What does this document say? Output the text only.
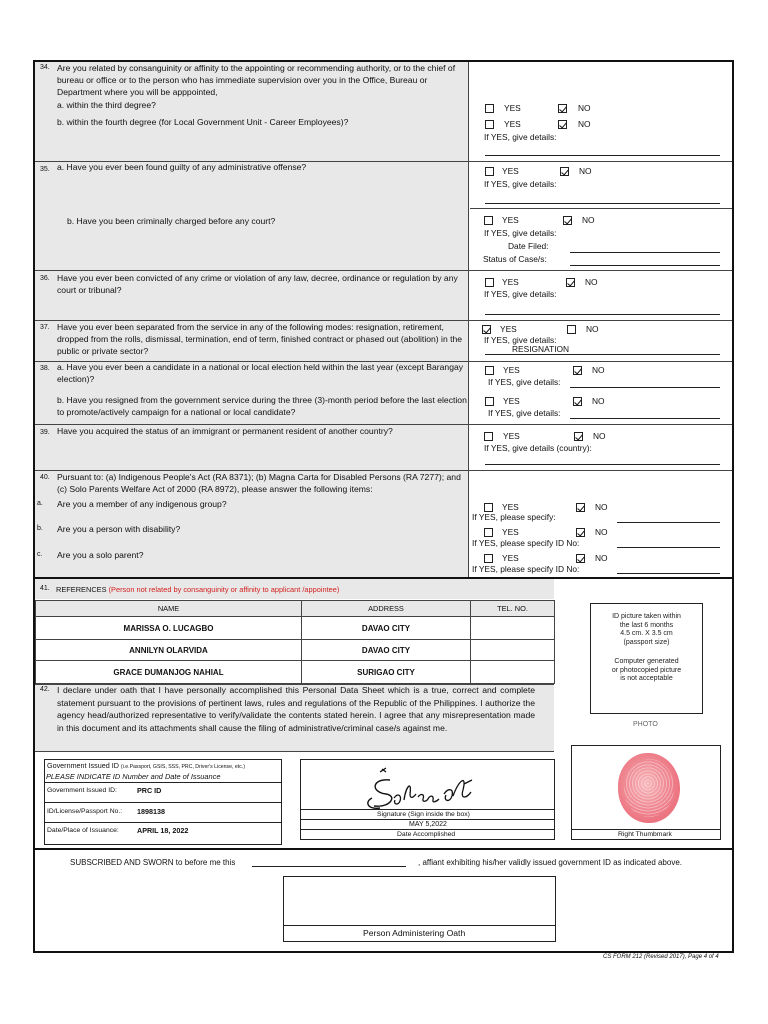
34. Are you related by consanguinity or affinity to the appointing or recommending authority, or to the chief of bureau or office or to the person who has immediate supervision over you in the Office, Bureau or Department where you will be apppointed,
a. within the third degree?
b. within the fourth degree (for Local Government Unit - Career Employees)?
YES	NO
YES	NO
If YES, give details:
35. a. Have you ever been found guilty of any administrative offense?
b. Have you been criminally charged before any court?
YES	NO
If YES, give details:
YES	NO
If YES, give details:
Date Filed:
Status of Case/s:
36. Have you ever been convicted of any crime or violation of any law, decree, ordinance or regulation by any court or tribunal?
YES	NO
If YES, give details:
37. Have you ever been separated from the service in any of the following modes: resignation, retirement, dropped from the rolls, dismissal, termination, end of term, finished contract or phased out (abolition) in the public or private sector?
YES	NO
If YES, give details:
RESIGNATION
38. a. Have you ever been a candidate in a national or local election held within the last year (except Barangay election)?
b. Have you resigned from the government service during the three (3)-month period before the last election to promote/actively campaign for a national or local candidate?
YES	NO
If YES, give details:
YES	NO
If YES, give details:
39. Have you acquired the status of an immigrant or permanent resident of another country?	YES	NO
If YES, give details (country):
40. Pursuant to: (a) Indigenous People's Act (RA 8371); (b) Magna Carta for Disabled Persons (RA 7277); and (c) Solo Parents Welfare Act of 2000 (RA 8972), please answer the following items:
a. Are you a member of any indigenous group?
b. Are you a person with disability?
c. Are you a solo parent?
YES	NO
If YES, please specify:
YES	NO
If YES, please specify ID No:
YES	NO
If YES, please specify ID No:
41. REFERENCES (Person not related by consanguinity or affinity to applicant /appointee)
NAME	ADDRESS	TEL. NO.
MARISSA O. LUCAGBO	DAVAO CITY
ANNILYN OLARVIDA	DAVAO CITY
GRACE DUMANJOG NAHIAL	SURIGAO CITY
ID picture taken within
the last 6 months
4.5 cm. X 3.5 cm
(passport size)
Computer generated
or photocopied picture
is not acceptable
PHOTO
42. I declare under oath that I have personally accomplished this Personal Data Sheet which is a true, correct and complete statement pursuant to the provisions of pertinent laws, rules and regulations of the Republic of the Philippines. I authorize the agency head/authorized representative to verify/validate the contents stated herein. I agree that any misrepresentation made in this document and its attachments shall cause the filing of administrative/criminal case/s against me.
Government Issued ID (i.e.Passport, GSIS, SSS, PRC, Driver's License, etc.)
PLEASE INDICATE ID Number and Date of Issuance
Government Issued ID:	PRC ID
ID/License/Passport No.: 1898138
Date/Place of Issuance:	APRIL 18, 2022
Signature (Sign inside the box)
MAY 5,2022
Date Accomplished	Right Thumbmark
SUBSCRIBED AND SWORN to before me this	, affiant exhibiting his/her validly issued government ID as indicated above.
Person Administering Oath
CS FORM 212 (Revised 2017), Page 4 of 4
